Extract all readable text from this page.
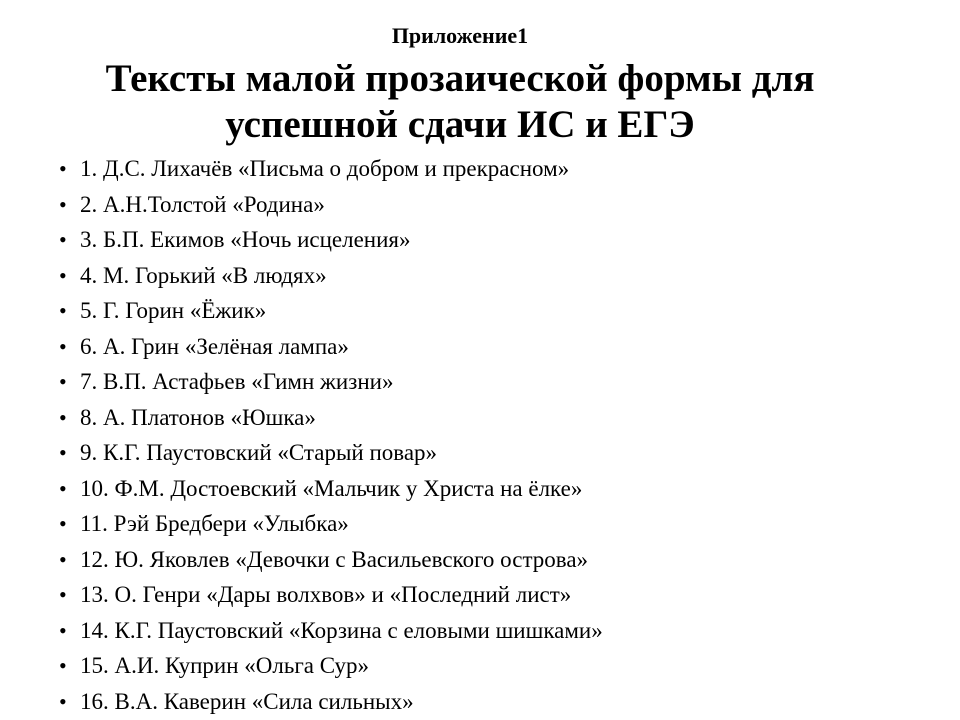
Приложение1
Тексты малой прозаической формы для
успешной сдачи ИС и ЕГЭ
• 1. Д.С. Лихачёв «Письма о добром и прекрасном»
• 2. А.Н.Толстой «Родина»
• 3. Б.П. Екимов «Ночь исцеления»
• 4. М. Горький «В людях»
• 5. Г. Горин «Ёжик»
• 6. А. Грин «Зелёная лампа»
• 7. В.П. Астафьев «Гимн жизни»
• 8. А. Платонов «Юшка»
• 9. К.Г. Паустовский «Старый повар»
• 10. Ф.М. Достоевский «Мальчик у Христа на ёлке»
• 11. Рэй Бредбери «Улыбка»
• 12. Ю. Яковлев «Девочки с Васильевского острова»
• 13. О. Генри «Дары волхвов» и «Последний лист»
• 14. К.Г. Паустовский «Корзина с еловыми шишками»
• 15. А.И. Куприн «Ольга Сур»
• 16. В.А. Каверин «Сила сильных»
